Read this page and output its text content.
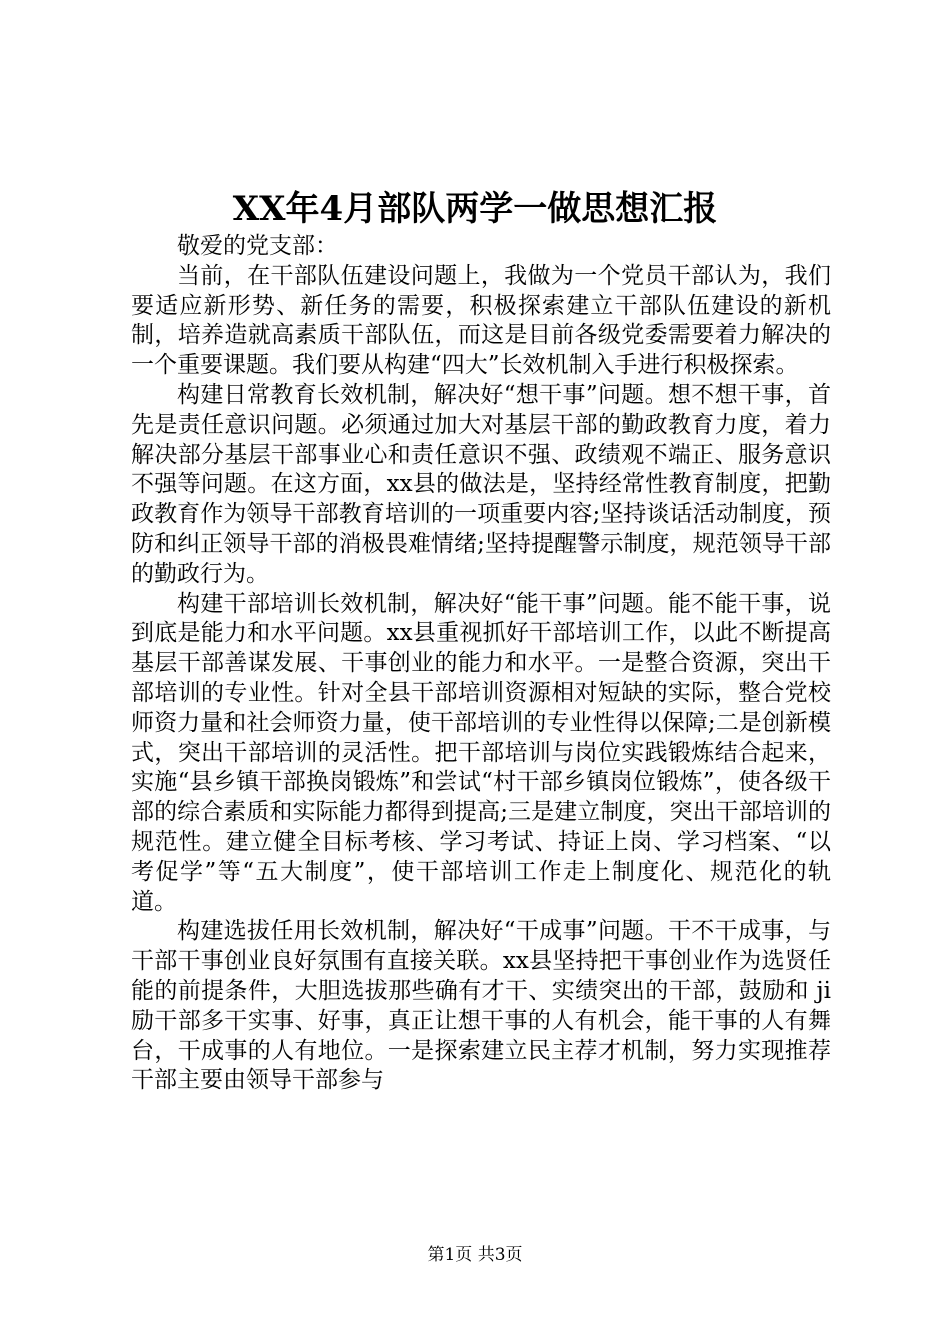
XX年4月部队两学一做思想汇报

敬爱的党支部：

当前，在干部队伍建设问题上，我做为一个党员干部认为，我们要适应新形势、新任务的需要，积极探索建立干部队伍建设的新机制，培养造就高素质干部队伍，而这是目前各级党委需要着力解决的一个重要课题。我们要从构建“四大”长效机制入手进行积极探索。

构建日常教育长效机制，解决好“想干事”问题。想不想干事，首先是责任意识问题。必须通过加大对基层干部的勤政教育力度，着力解决部分基层干部事业心和责任意识不强、政绩观不端正、服务意识不强等问题。在这方面，xx县的做法是，坚持经常性教育制度，把勤政教育作为领导干部教育培训的一项重要内容;坚持谈话活动制度，预防和纠正领导干部的消极畏难情绪;坚持提醒警示制度，规范领导干部的勤政行为。

构建干部培训长效机制，解决好“能干事”问题。能不能干事，说到底是能力和水平问题。xx县重视抓好干部培训工作，以此不断提高基层干部善谋发展、干事创业的能力和水平。一是整合资源，突出干部培训的专业性。针对全县干部培训资源相对短缺的实际，整合党校师资力量和社会师资力量，使干部培训的专业性得以保障;二是创新模式，突出干部培训的灵活性。把干部培训与岗位实践锻炼结合起来，实施“县乡镇干部换岗锻炼”和尝试“村干部乡镇岗位锻炼”，使各级干部的综合素质和实际能力都得到提高;三是建立制度，突出干部培训的规范性。建立健全目标考核、学习考试、持证上岗、学习档案、“以考促学”等“五大制度”，使干部培训工作走上制度化、规范化的轨道。

构建选拔任用长效机制，解决好“干成事”问题。干不干成事，与干部干事创业良好氛围有直接关联。xx县坚持把干事创业作为选贤任能的前提条件，大胆选拔那些确有才干、实绩突出的干部，鼓励和 ji 励干部多干实事、好事，真正让想干事的人有机会，能干事的人有舞台，干成事的人有地位。一是探索建立民主荐才机制，努力实现推荐干部主要由领导干部参与

第1页 共3页
